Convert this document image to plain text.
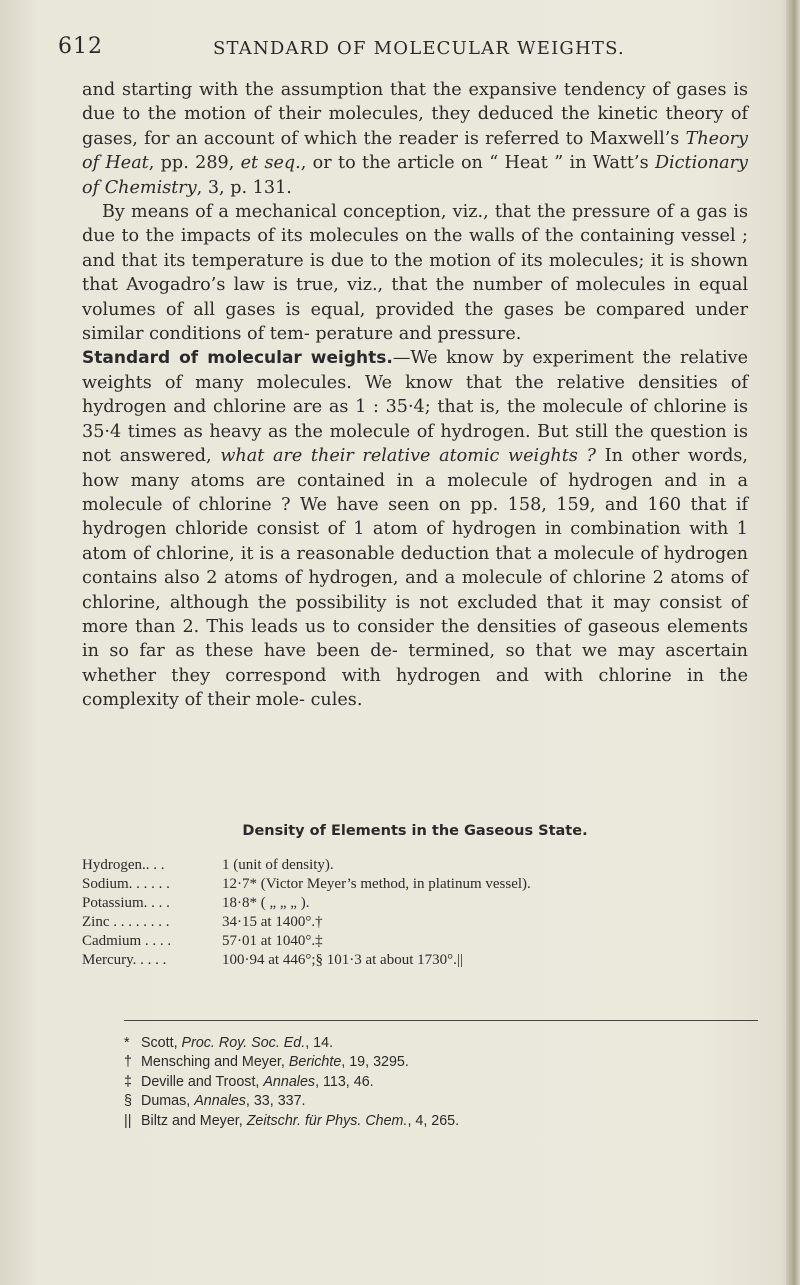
612	STANDARD OF MOLECULAR WEIGHTS.

and starting with the assumption that the expansive tendency of gases is due to the motion of their molecules, they deduced the kinetic theory of gases, for an account of which the reader is referred to Maxwell’s Theory of Heat, pp. 289, et seq., or to the article on “ Heat ” in Watt’s Dictionary of Chemistry, 3, p. 131.

By means of a mechanical conception, viz., that the pressure of a gas is due to the impacts of its molecules on the walls of the containing vessel ; and that its temperature is due to the motion of its molecules; it is shown that Avogadro’s law is true, viz., that the number of molecules in equal volumes of all gases is equal, provided the gases be compared under similar conditions of tem- perature and pressure.

Standard of molecular weights.—We know by experiment the relative weights of many molecules. We know that the relative densities of hydrogen and chlorine are as 1 : 35·4; that is, the molecule of chlorine is 35·4 times as heavy as the molecule of hydrogen. But still the question is not answered, what are their relative atomic weights ? In other words, how many atoms are contained in a molecule of hydrogen and in a molecule of chlorine ? We have seen on pp. 158, 159, and 160 that if hydrogen chloride consist of 1 atom of hydrogen in combination with 1 atom of chlorine, it is a reasonable deduction that a molecule of hydrogen contains also 2 atoms of hydrogen, and a molecule of chlorine 2 atoms of chlorine, although the possibility is not excluded that it may consist of more than 2. This leads us to consider the densities of gaseous elements in so far as these have been de- termined, so that we may ascertain whether they correspond with hydrogen and with chlorine in the complexity of their mole- cules.

Density of Elements in the Gaseous State.
Hydrogen.. . .	1 (unit of density).
Sodium. . . . . .	12·7* (Victor Meyer’s method, in platinum vessel).
Potassium. . . .	18·8* ( „ „ „ ).
Zinc . . . . . . . .	34·15 at 1400°.†
Cadmium . . . .	57·01 at 1040°.‡
Mercury. . . . .	100·94 at 446°;§ 101·3 at about 1730°.||
* Scott, Proc. Roy. Soc. Ed., 14.
† Mensching and Meyer, Berichte, 19, 3295.
‡ Deville and Troost, Annales, 113, 46.
§ Dumas, Annales, 33, 337.
|| Biltz and Meyer, Zeitschr. für Phys. Chem., 4, 265.
